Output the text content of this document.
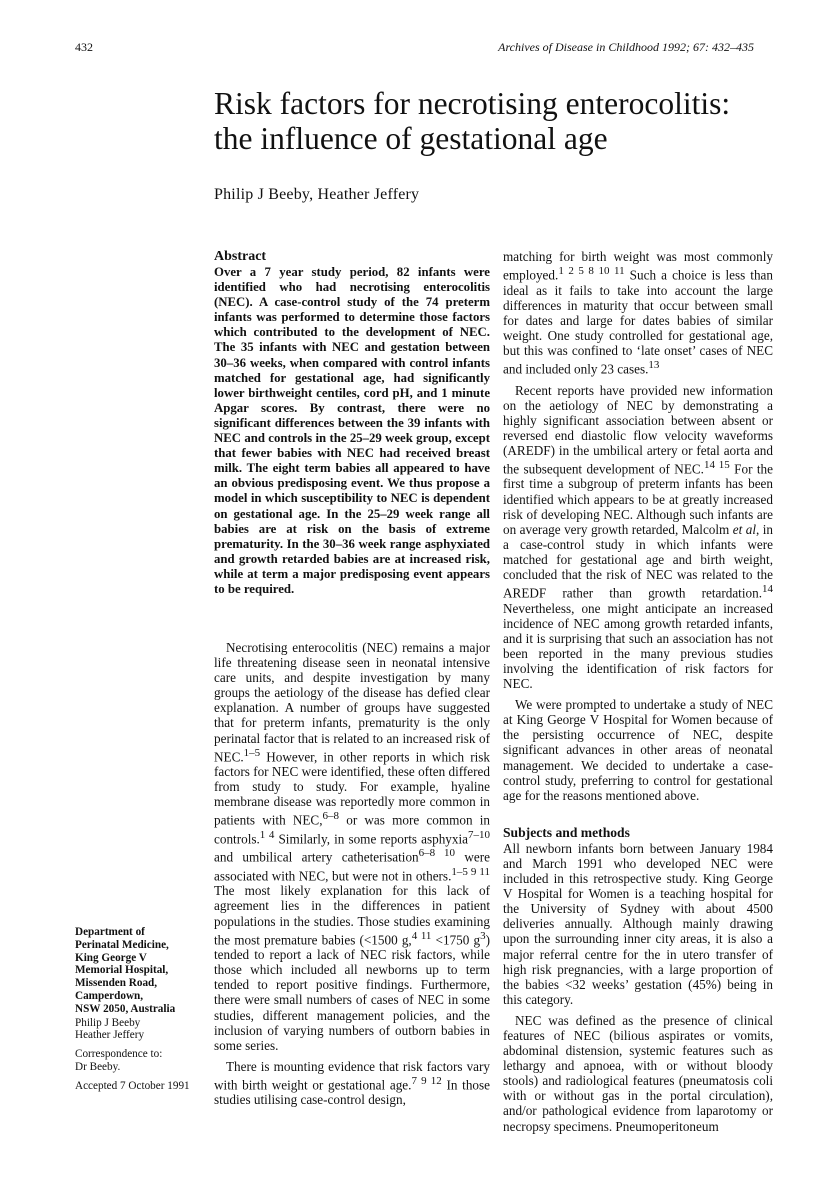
432	Archives of Disease in Childhood 1992; 67: 432–435
Risk factors for necrotising enterocolitis:
the influence of gestational age
Philip J Beeby, Heather Jeffery
Abstract

Over a 7 year study period, 82 infants were identified who had necrotising enterocolitis (NEC). A case-control study of the 74 preterm infants was performed to determine those factors which contributed to the development of NEC. The 35 infants with NEC and gestation between 30–36 weeks, when compared with control infants matched for gestational age, had significantly lower birthweight centiles, cord pH, and 1 minute Apgar scores. By contrast, there were no significant differences between the 39 infants with NEC and controls in the 25–29 week group, except that fewer babies with NEC had received breast milk. The eight term babies all appeared to have an obvious predisposing event. We thus propose a model in which susceptibility to NEC is dependent on gestational age. In the 25–29 week range all babies are at risk on the basis of extreme prematurity. In the 30–36 week range asphyxiated and growth retarded babies are at increased risk, while at term a major predisposing event appears to be required.

Necrotising enterocolitis (NEC) remains a major life threatening disease seen in neonatal intensive care units, and despite investigation by many groups the aetiology of the disease has defied clear explanation. A number of groups have suggested that for preterm infants, prematurity is the only perinatal factor that is related to an increased risk of NEC.$^{1-5}$ However, in other reports in which risk factors for NEC were identified, these often differed from study to study. For example, hyaline membrane disease was reportedly more common in patients with NEC,$^{6-8}$ or was more common in controls.$^{1 4}$ Similarly, in some reports asphyxia$^{7-10}$ and umbilical artery catheterisation$^{6-8 10}$ were associated with NEC, but were not in others.$^{1-5 9 11}$ The most likely explanation for this lack of agreement lies in the differences in patient populations in the studies. Those studies examining the most premature babies (<1500 g,$^{4 11}$ <1750 $g^3$) tended to report a lack of NEC risk factors, while those which included all newborns up to term tended to report positive findings. Furthermore, there were small numbers of cases of NEC in some studies, different management policies, and the inclusion of varying numbers of outborn babies in some series.

There is mounting evidence that risk factors vary with birth weight or gestational age.$^{7 9 12}$ In those studies utilising case-control design,

matching for birth weight was most commonly employed.$^{1 2 5 8 10 11}$ Such a choice is less than ideal as it fails to take into account the large differences in maturity that occur between small for dates and large for dates babies of similar weight. One study controlled for gestational age, but this was confined to ‘late onset’ cases of NEC and included only 23 cases.$^{13}$

Recent reports have provided new information on the aetiology of NEC by demonstrating a highly significant association between absent or reversed end diastolic flow velocity waveforms (AREDF) in the umbilical artery or fetal aorta and the subsequent development of NEC.$^{14 15}$ For the first time a subgroup of preterm infants has been identified which appears to be at greatly increased risk of developing NEC. Although such infants are on average very growth retarded, Malcolm et al, in a case-control study in which infants were matched for gestational age and birth weight, concluded that the risk of NEC was related to the AREDF rather than growth retardation.$^{14}$ Nevertheless, one might anticipate an increased incidence of NEC among growth retarded infants, and it is surprising that such an association has not been reported in the many previous studies involving the identification of risk factors for NEC.

We were prompted to undertake a study of NEC at King George V Hospital for Women because of the persisting occurrence of NEC, despite significant advances in other areas of neonatal management. We decided to undertake a case-control study, preferring to control for gestational age for the reasons mentioned above.

Subjects and methods

All newborn infants born between January 1984 and March 1991 who developed NEC were included in this retrospective study. King George V Hospital for Women is a teaching hospital for the University of Sydney with about 4500 deliveries annually. Although mainly drawing upon the surrounding inner city areas, it is also a major referral centre for the in utero transfer of high risk pregnancies, with a large proportion of the babies <32 weeks’ gestation (45%) being in this category.

NEC was defined as the presence of clinical features of NEC (bilious aspirates or vomits, abdominal distension, systemic features such as lethargy and apnoea, with or without bloody stools) and radiological features (pneumatosis coli with or without gas in the portal circulation), and/or pathological evidence from laparotomy or necropsy specimens. Pneumoperitoneum

Department of
Perinatal Medicine,
King George V
Memorial Hospital,
Missenden Road,
Camperdown,
NSW 2050, Australia

Philip J Beeby
Heather Jeffery

Correspondence to:
Dr Beeby.

Accepted 7 October 1991
